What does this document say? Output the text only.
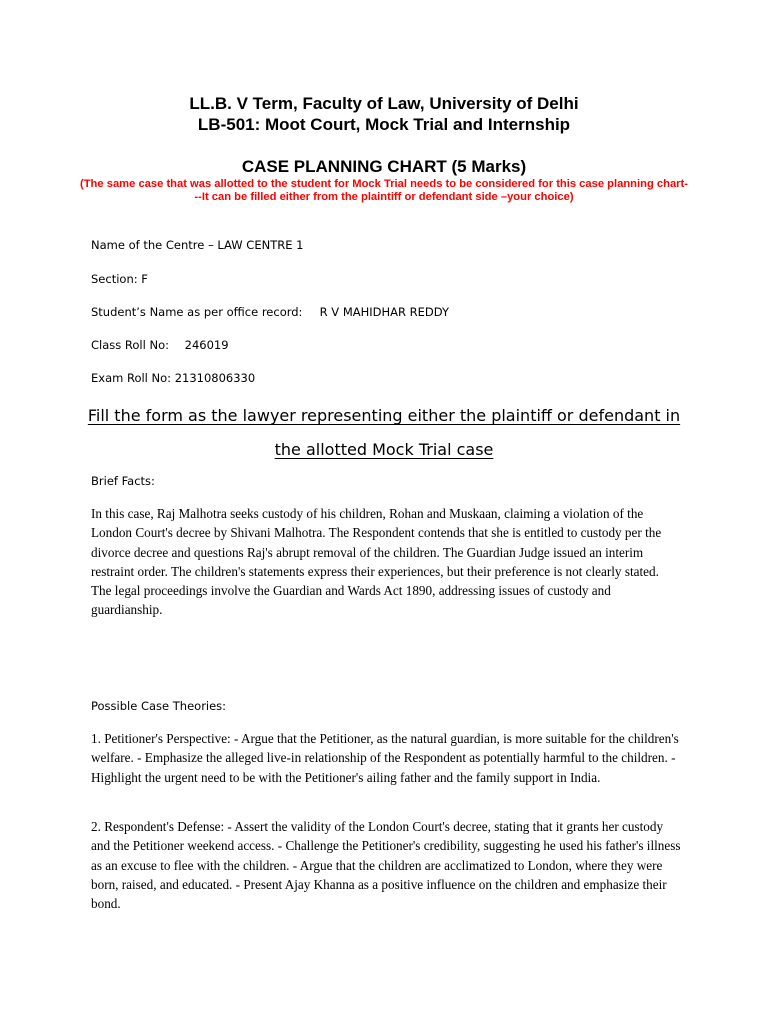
LL.B. V Term, Faculty of Law, University of Delhi
LB-501: Moot Court, Mock Trial and Internship
CASE PLANNING CHART (5 Marks)
(The same case that was allotted to the student for Mock Trial needs to be considered for this case planning chart---It can be filled either from the plaintiff or defendant side –your choice)
Name of the Centre – LAW CENTRE 1
Section: F
Student’s Name as per office record: R V MAHIDHAR REDDY
Class Roll No: 246019
Exam Roll No: 21310806330
Fill the form as the lawyer representing either the plaintiff or defendant in the allotted Mock Trial case
Brief Facts:
In this case, Raj Malhotra seeks custody of his children, Rohan and Muskaan, claiming a violation of the London Court's decree by Shivani Malhotra. The Respondent contends that she is entitled to custody per the divorce decree and questions Raj's abrupt removal of the children. The Guardian Judge issued an interim restraint order. The children's statements express their experiences, but their preference is not clearly stated. The legal proceedings involve the Guardian and Wards Act 1890, addressing issues of custody and guardianship.
Possible Case Theories:
1. Petitioner's Perspective: - Argue that the Petitioner, as the natural guardian, is more suitable for the children's welfare. - Emphasize the alleged live-in relationship of the Respondent as potentially harmful to the children. - Highlight the urgent need to be with the Petitioner's ailing father and the family support in India.
2. Respondent's Defense: - Assert the validity of the London Court's decree, stating that it grants her custody and the Petitioner weekend access. - Challenge the Petitioner's credibility, suggesting he used his father's illness as an excuse to flee with the children. - Argue that the children are acclimatized to London, where they were born, raised, and educated. - Present Ajay Khanna as a positive influence on the children and emphasize their bond.
